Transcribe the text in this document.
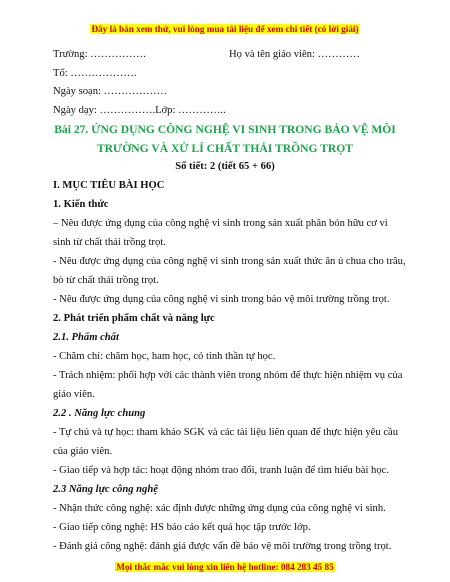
Đây là bản xem thử, vui lòng mua tài liệu để xem chi tiết (có lời giải)
Trường: …………….	Họ và tên giáo viên: …………
Tổ: ……………….
Ngày soạn: ………………
Ngày dạy: …………….Lớp: …………..
Bài 27. ỨNG DỤNG CÔNG NGHỆ VI SINH TRONG BẢO VỆ MÔI
TRƯỜNG VÀ XỬ LÍ CHẤT THẢI TRỒNG TRỌT
Số tiết: 2 (tiết 65 + 66)
I. MỤC TIÊU BÀI HỌC
1. Kiến thức
– Nêu được ứng dụng của công nghệ vi sinh trong sản xuất phân bón hữu cơ vi
sinh từ chất thải trồng trọt.
- Nêu được ứng dụng của công nghệ vi sinh trong sản xuất thức ăn ủ chua cho trâu,
bò từ chất thải trồng trọt.
- Nêu được ứng dụng của công nghệ vi sinh trong bảo vệ môi trường trồng trọt.
2. Phát triển phẩm chất và năng lực
2.1. Phẩm chất
- Chăm chỉ: chăm học, ham học, có tinh thần tự học.
- Trách nhiệm: phối hợp với các thành viên trong nhóm để thực hiện nhiệm vụ của
giáo viên.
2.2 . Năng lực chung
- Tự chủ và tự học: tham khảo SGK và các tài liệu liên quan để thực hiện yêu cầu
của giáo viên.
- Giao tiếp và hợp tác: hoạt động nhóm trao đổi, tranh luận để tìm hiểu bài học.
2.3 Năng lực công nghệ
- Nhận thức công nghệ: xác định được những ứng dụng của công nghệ vi sinh.
- Giao tiếp công nghệ: HS báo cáo kết quả học tập trước lớp.
- Đánh giá công nghệ: đánh giá được vấn đề bảo vệ môi trường trong trồng trọt.
Mọi thắc mắc vui lòng xin liên hệ hotline: 084 283 45 85
